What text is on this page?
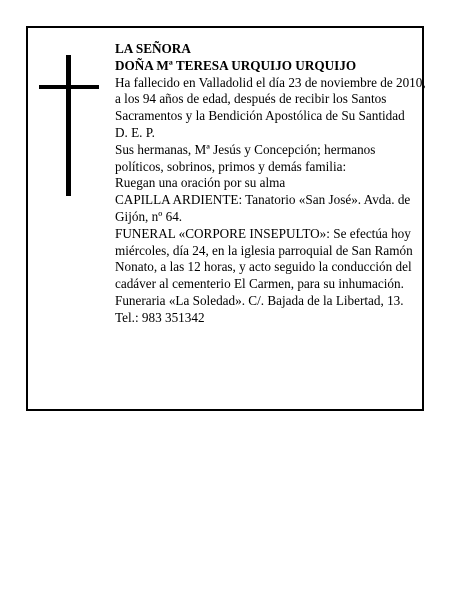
LA SEÑORA

DOÑA Mª TERESA URQUIJO URQUIJO

Ha fallecido en Valladolid el día 23 de noviembre de 2010, a los 94 años de edad, después de recibir los Santos Sacramentos y la Bendición Apostólica de Su Santidad

D. E. P.

Sus hermanas, Mª Jesús y Concepción; hermanos políticos, sobrinos, primos y demás familia:

Ruegan una oración por su alma

CAPILLA ARDIENTE: Tanatorio «San José». Avda. de Gijón, nº 64.

FUNERAL «CORPORE INSEPULTO»: Se efectúa hoy miércoles, día 24, en la iglesia parroquial de San Ramón Nonato, a las 12 horas, y acto seguido la conducción del cadáver al cementerio El Carmen, para su inhumación.

Funeraria «La Soledad». C/. Bajada de la Libertad, 13.

Tel.: 983 351342
